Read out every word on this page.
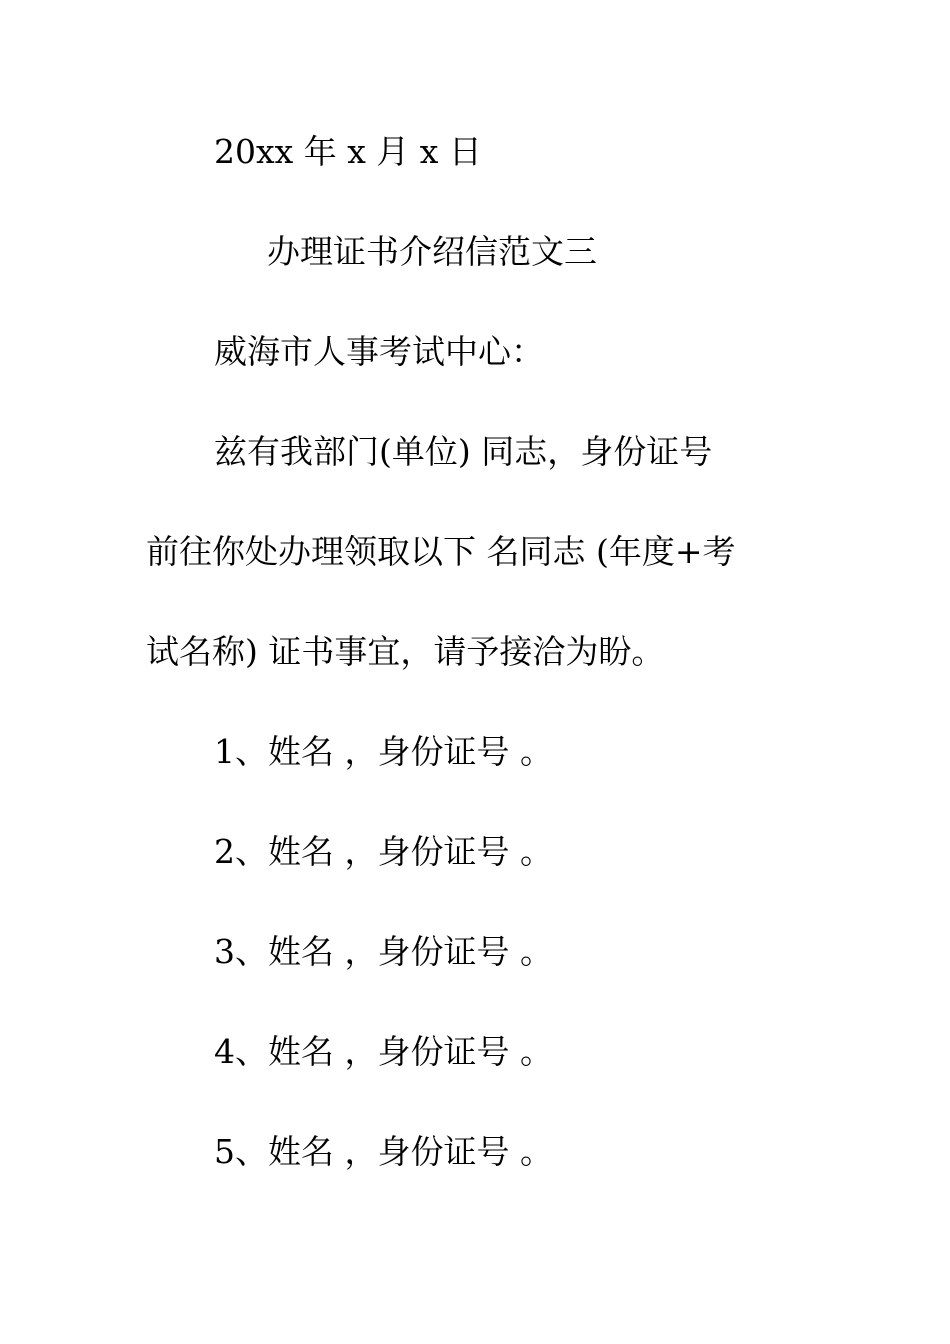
20xx 年 x 月 x 日
办理证书介绍信范文三
威海市人事考试中心：
兹有我部门(单位) 同志，身份证号
前往你处办理领取以下 名同志 (年度+考
试名称) 证书事宜，请予接洽为盼。
1、姓名 ，身份证号 。
2、姓名 ，身份证号 。
3、姓名 ，身份证号 。
4、姓名 ，身份证号 。
5、姓名 ，身份证号 。
